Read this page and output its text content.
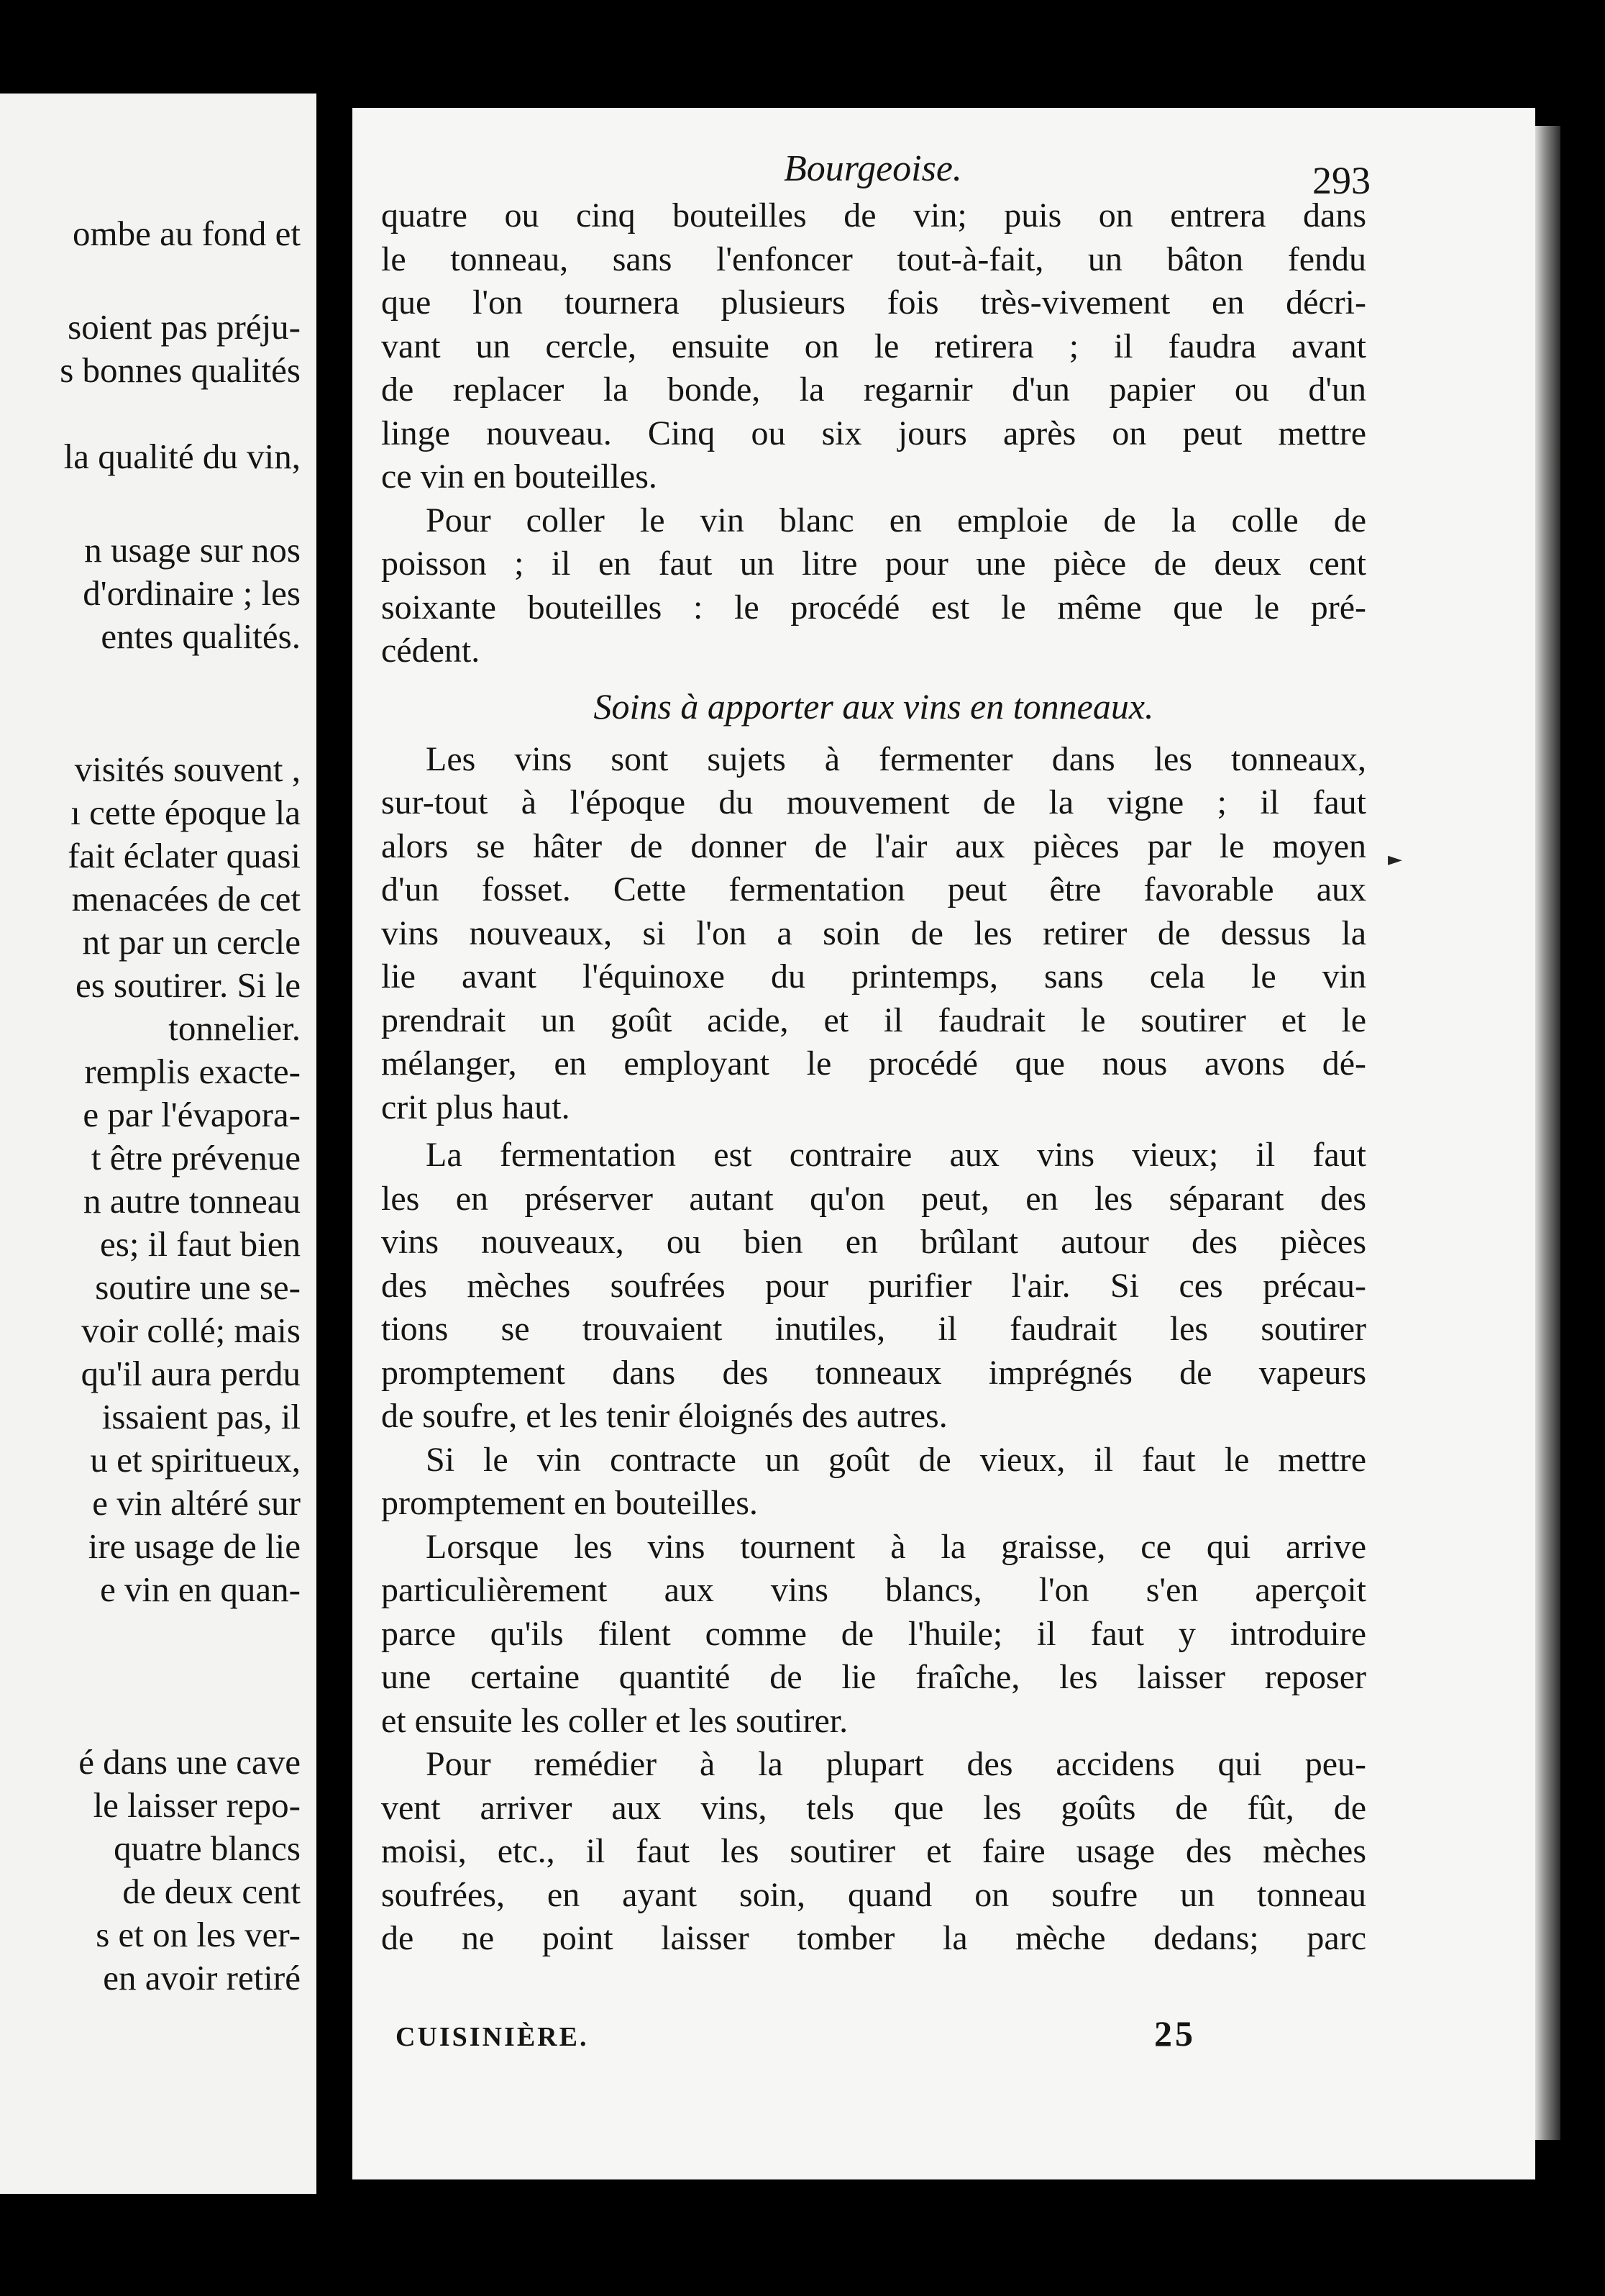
ombe au fond et
soient pas préju-
s bonnes qualités
la qualité du vin,
n usage sur nos
d'ordinaire ; les
entes qualités.
visités souvent ,
ı cette époque la
fait éclater quasi
menacées de cet
nt par un cercle
es soutirer. Si le
tonnelier.
remplis exacte-
e par l'évapora-
t être prévenue
n autre tonneau
es; il faut bien
soutire une se-
voir collé; mais
qu'il aura perdu
issaient pas, il
u et spiritueux,
e vin altéré sur
ire usage de lie
e vin en quan-
é dans une cave
le laisser repo-
quatre blancs
de deux cent
s et on les ver-
en avoir retiré
Bourgeoise.	293
quatre ou cinq bouteilles de vin; puis on entrera dans
le tonneau, sans l'enfoncer tout-à-fait, un bâton fendu
que l'on tournera plusieurs fois très-vivement en décri-
vant un cercle, ensuite on le retirera ; il faudra avant
de replacer la bonde, la regarnir d'un papier ou d'un
linge nouveau. Cinq ou six jours après on peut mettre
ce vin en bouteilles.
Pour coller le vin blanc en emploie de la colle de
poisson ; il en faut un litre pour une pièce de deux cent
soixante bouteilles : le procédé est le même que le pré-
cédent.
Soins à apporter aux vins en tonneaux.
Les vins sont sujets à fermenter dans les tonneaux,
sur-tout à l'époque du mouvement de la vigne ; il faut
alors se hâter de donner de l'air aux pièces par le moyen
d'un fosset. Cette fermentation peut être favorable aux
vins nouveaux, si l'on a soin de les retirer de dessus la
lie avant l'équinoxe du printemps, sans cela le vin
prendrait un goût acide, et il faudrait le soutirer et le
mélanger, en employant le procédé que nous avons dé-
crit plus haut.
La fermentation est contraire aux vins vieux; il faut
les en préserver autant qu'on peut, en les séparant des
vins nouveaux, ou bien en brûlant autour des pièces
des mèches soufrées pour purifier l'air. Si ces précau-
tions se trouvaient inutiles, il faudrait les soutirer
promptement dans des tonneaux imprégnés de vapeurs
de soufre, et les tenir éloignés des autres.
Si le vin contracte un goût de vieux, il faut le mettre
promptement en bouteilles.
Lorsque les vins tournent à la graisse, ce qui arrive
particulièrement aux vins blancs, l'on s'en aperçoit
parce qu'ils filent comme de l'huile; il faut y introduire
une certaine quantité de lie fraîche, les laisser reposer
et ensuite les coller et les soutirer.
Pour remédier à la plupart des accidens qui peu-
vent arriver aux vins, tels que les goûts de fût, de
moisi, etc., il faut les soutirer et faire usage des mèches
soufrées, en ayant soin, quand on soufre un tonneau
de ne point laisser tomber la mèche dedans; parc
►
CUISINIÈRE.	25
